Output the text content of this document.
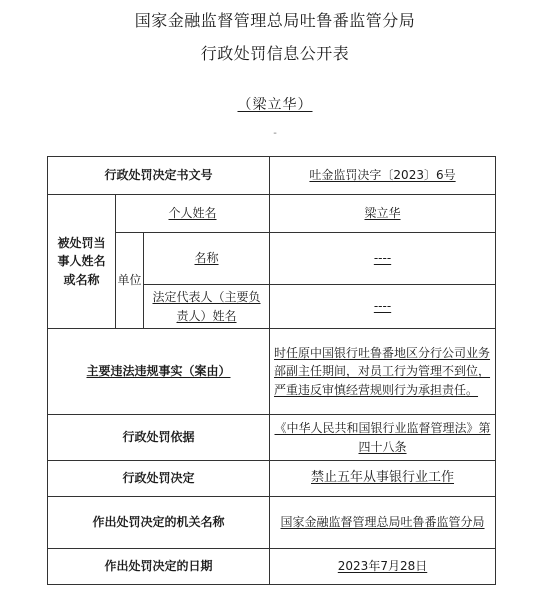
国家金融监督管理总局吐鲁番监管分局
行政处罚信息公开表
（梁立华）
-
行政处罚决定书文号			吐金监罚决字〔2023〕6号
被处罚当事人姓名或名称	个人姓名		梁立华
	单位	名称	----
		法定代表人（主要负责人）姓名	----
主要违法违规事实（案由）			时任原中国银行吐鲁番地区分行公司业务部副主任期间，对员工行为管理不到位，严重违反审慎经营规则行为承担责任。
行政处罚依据			《中华人民共和国银行业监督管理法》第四十八条
行政处罚决定			禁止五年从事银行业工作
作出处罚决定的机关名称			国家金融监督管理总局吐鲁番监管分局
作出处罚决定的日期			2023年7月28日
